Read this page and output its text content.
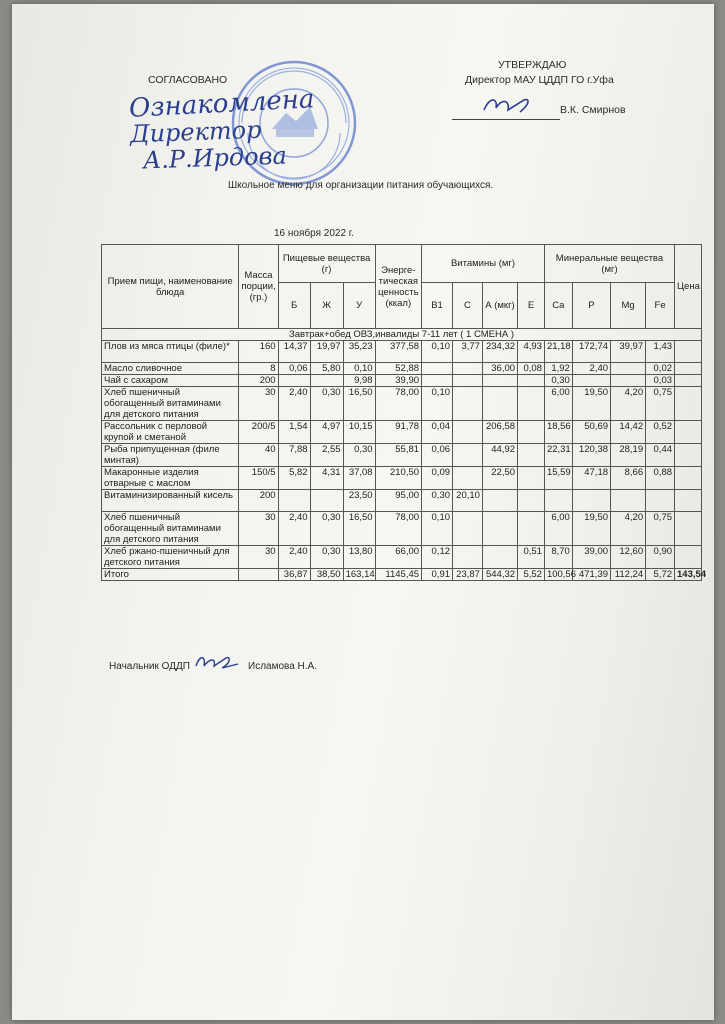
Ознакомлена
Директор
А.Р.Ирдова
СОГЛАСОВАНО
УТВЕРЖДАЮ
Директор МАУ ЦДДП ГО г.Уфа
В.К. Смирнов
Школьное меню для организации питания обучающихся.
16 ноября 2022 г.
Прием пищи, наименование блюда	Масса порции, (гр.)	Пищевые вещества (г)			Энерге-тическая ценность (ккал)	Витамины (мг)				Минеральные вещества (мг)				Цена
		Б	Ж	У		B1	C	А (мкг)	Е	Ca	P	Mg	Fe	
Завтрак+обед ОВЗ,инвалиды 7-11 лет ( 1 СМЕНА )														
Плов из мяса птицы (филе)*	160	14,37	19,97	35,23	377,58	0,10	3,77	234,32	4,93	21,18	172,74	39,97	1,43	
Масло сливочное	8	0,06	5,80	0,10	52,88			36,00	0,08	1,92	2,40		0,02	
Чай с сахаром	200			9,98	39,90					0,30			0,03	
Хлеб пшеничный обогащенный витаминами для детского питания	30	2,40	0,30	16,50	78,00	0,10				6,00	19,50	4,20	0,75	
Рассольник с перловой крупой и сметаной	200/5	1,54	4,97	10,15	91,78	0,04		206,58		18,56	50,69	14,42	0,52	
Рыба припущенная (филе минтая)	40	7,88	2,55	0,30	55,81	0,06		44,92		22,31	120,38	28,19	0,44	
Макаронные изделия отварные с маслом	150/5	5,82	4,31	37,08	210,50	0,09		22,50		15,59	47,18	8,66	0,88	
Витаминизированный кисель	200			23,50	95,00	0,30	20,10							
Хлеб пшеничный обогащенный витаминами для детского питания	30	2,40	0,30	16,50	78,00	0,10				6,00	19,50	4,20	0,75	
Хлеб ржано-пшеничный для детского питания	30	2,40	0,30	13,80	66,00	0,12			0,51	8,70	39,00	12,60	0,90	
Итого		36,87	38,50	163,14	1145,45	0,91	23,87	544,32	5,52	100,56	471,39	112,24	5,72	143,54
Начальник ОДДП	Исламова Н.А.
